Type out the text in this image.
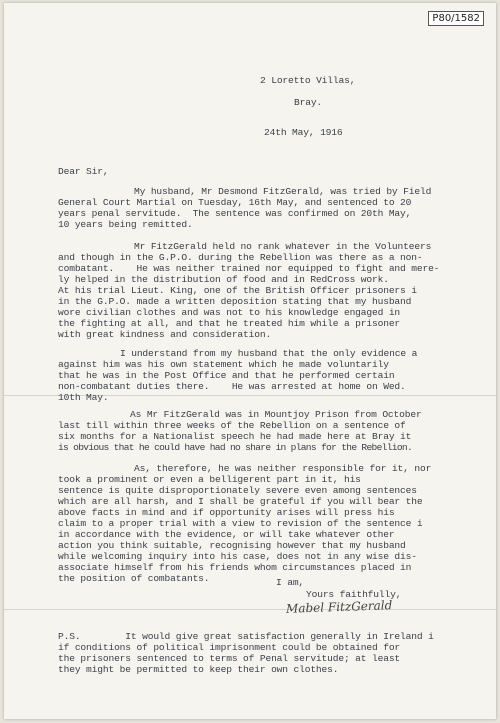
P80/1582
2 Loretto Villas,
Bray.
24th May, 1916
Dear Sir,
My husband, Mr Desmond FitzGerald, was tried by Field
General Court Martial on Tuesday, 16th May, and sentenced to 20
years penal servitude.  The sentence was confirmed on 20th May,
10 years being remitted.
Mr FitzGerald held no rank whatever in the Volunteers
and though in the G.P.O. during the Rebellion was there as a non-
combatant.    He was neither trained nor equipped to fight and mere-
ly helped in the distribution of food and in RedCross work.
At his trial Lieut. King, one of the British Officer prisoners i
in the G.P.O. made a written deposition stating that my husband
wore civilian clothes and was not to his knowledge engaged in
the fighting at all, and that he treated him while a prisoner
with great kindness and consideration.
I understand from my husband that the only evidence a
against him was his own statement which he made voluntarily
that he was in the Post Office and that he performed certain
non-combatant duties there.    He was arrested at home on Wed.
10th May.
As Mr FitzGerald was in Mountjoy Prison from October
last till within three weeks of the Rebellion on a sentence of
six months for a Nationalist speech he had made here at Bray it
is obvious that he could have had no share in plans for the Rebellion.
As, therefore, he was neither responsible for it, nor
took a prominent or even a belligerent part in it, his
sentence is quite disproportionately severe even among sentences
which are all harsh, and I shall be grateful if you will bear the
above facts in mind and if opportunity arises will press his
claim to a proper trial with a view to revision of the sentence i
in accordance with the evidence, or will take whatever other
action you think suitable, recognising however that my husband
while welcoming inquiry into his case, does not in any wise dis-
associate himself from his friends whom circumstances placed in
the position of combatants.	I am,
Yours faithfully,
Mabel FitzGerald
P.S.        It would give great satisfaction generally in Ireland i
if conditions of political imprisonment could be obtained for
the prisoners sentenced to terms of Penal servitude; at least
they might be permitted to keep their own clothes.
